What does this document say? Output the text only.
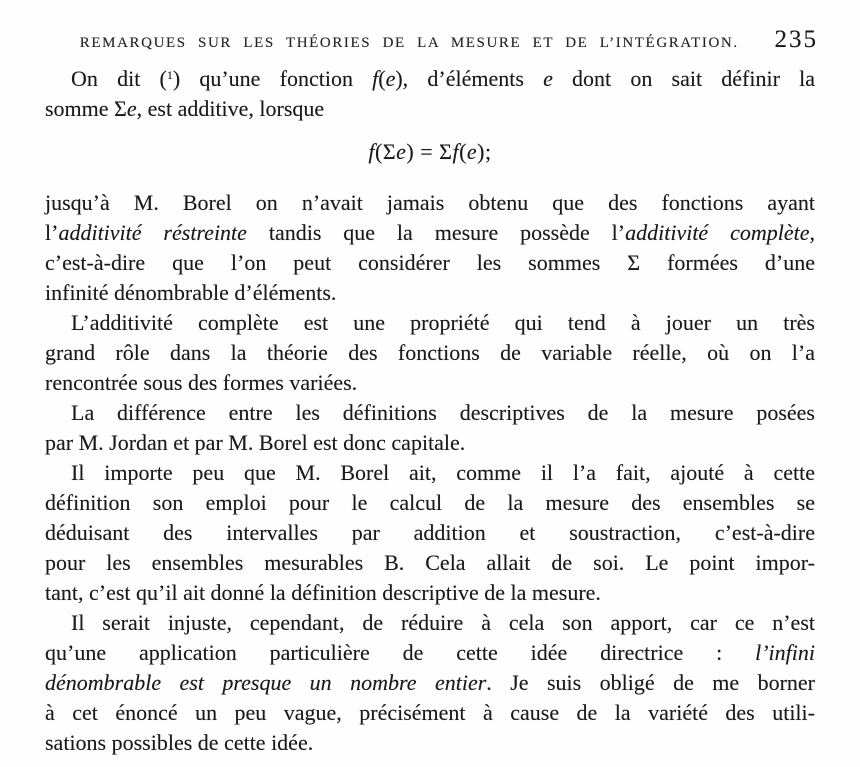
REMARQUES SUR LES THÉORIES DE LA MESURE ET DE L’INTÉGRATION.	235
On dit ($^1$) qu’une fonction f(e), d’éléments e dont on sait définir la
somme Σe, est additive, lorsque
f(Σe) = Σf(e);
jusqu’à M. Borel on n’avait jamais obtenu que des fonctions ayant
l’additivité réstreinte tandis que la mesure possède l’additivité complète,
c’est-à-dire que l’on peut considérer les sommes Σ formées d’une
infinité dénombrable d’éléments.
L’additivité complète est une propriété qui tend à jouer un très
grand rôle dans la théorie des fonctions de variable réelle, où on l’a
rencontrée sous des formes variées.
La différence entre les définitions descriptives de la mesure posées
par M. Jordan et par M. Borel est donc capitale.
Il importe peu que M. Borel ait, comme il l’a fait, ajouté à cette
définition son emploi pour le calcul de la mesure des ensembles se
déduisant des intervalles par addition et soustraction, c’est-à-dire
pour les ensembles mesurables B. Cela allait de soi. Le point impor-
tant, c’est qu’il ait donné la définition descriptive de la mesure.
Il serait injuste, cependant, de réduire à cela son apport, car ce n’est
qu’une application particulière de cette idée directrice : l’infini
dénombrable est presque un nombre entier. Je suis obligé de me borner
à cet énoncé un peu vague, précisément à cause de la variété des utili-
sations possibles de cette idée.
